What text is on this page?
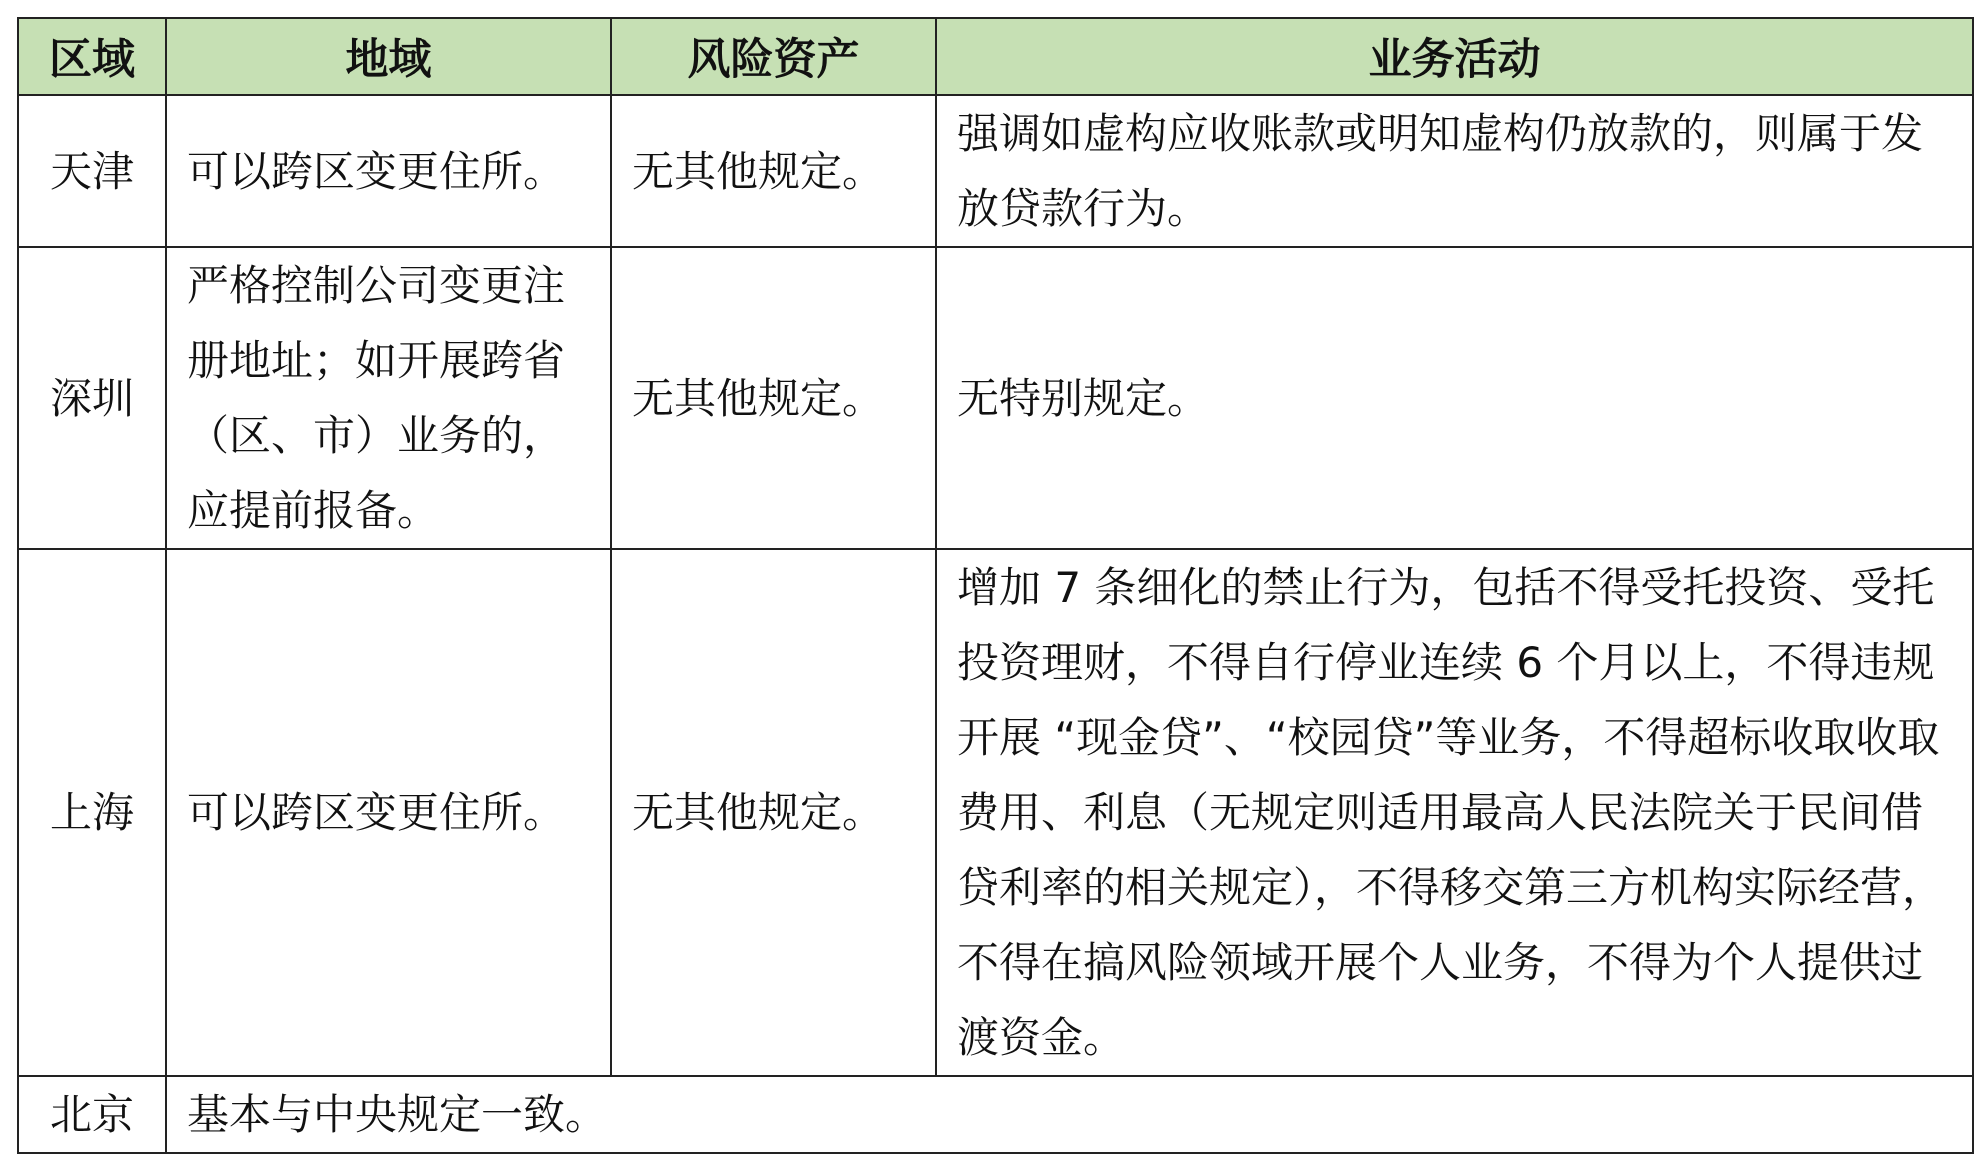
区域	地域	风险资产	业务活动
天津	可以跨区变更住所。	无其他规定。	强调如虚构应收账款或明知虚构仍放款的，则属于发放贷款行为。
深圳	严格控制公司变更注册地址；如开展跨省（区、市）业务的，应提前报备。	无其他规定。	无特别规定。
上海	可以跨区变更住所。	无其他规定。	增加 7 条细化的禁止行为，包括不得受托投资、受托投资理财，不得自行停业连续 6 个月以上，不得违规开展 “现金贷”、“校园贷”等业务，不得超标收取收取费用、利息（无规定则适用最高人民法院关于民间借贷利率的相关规定），不得移交第三方机构实际经营，不得在搞风险领域开展个人业务，不得为个人提供过渡资金。
北京	基本与中央规定一致。		
